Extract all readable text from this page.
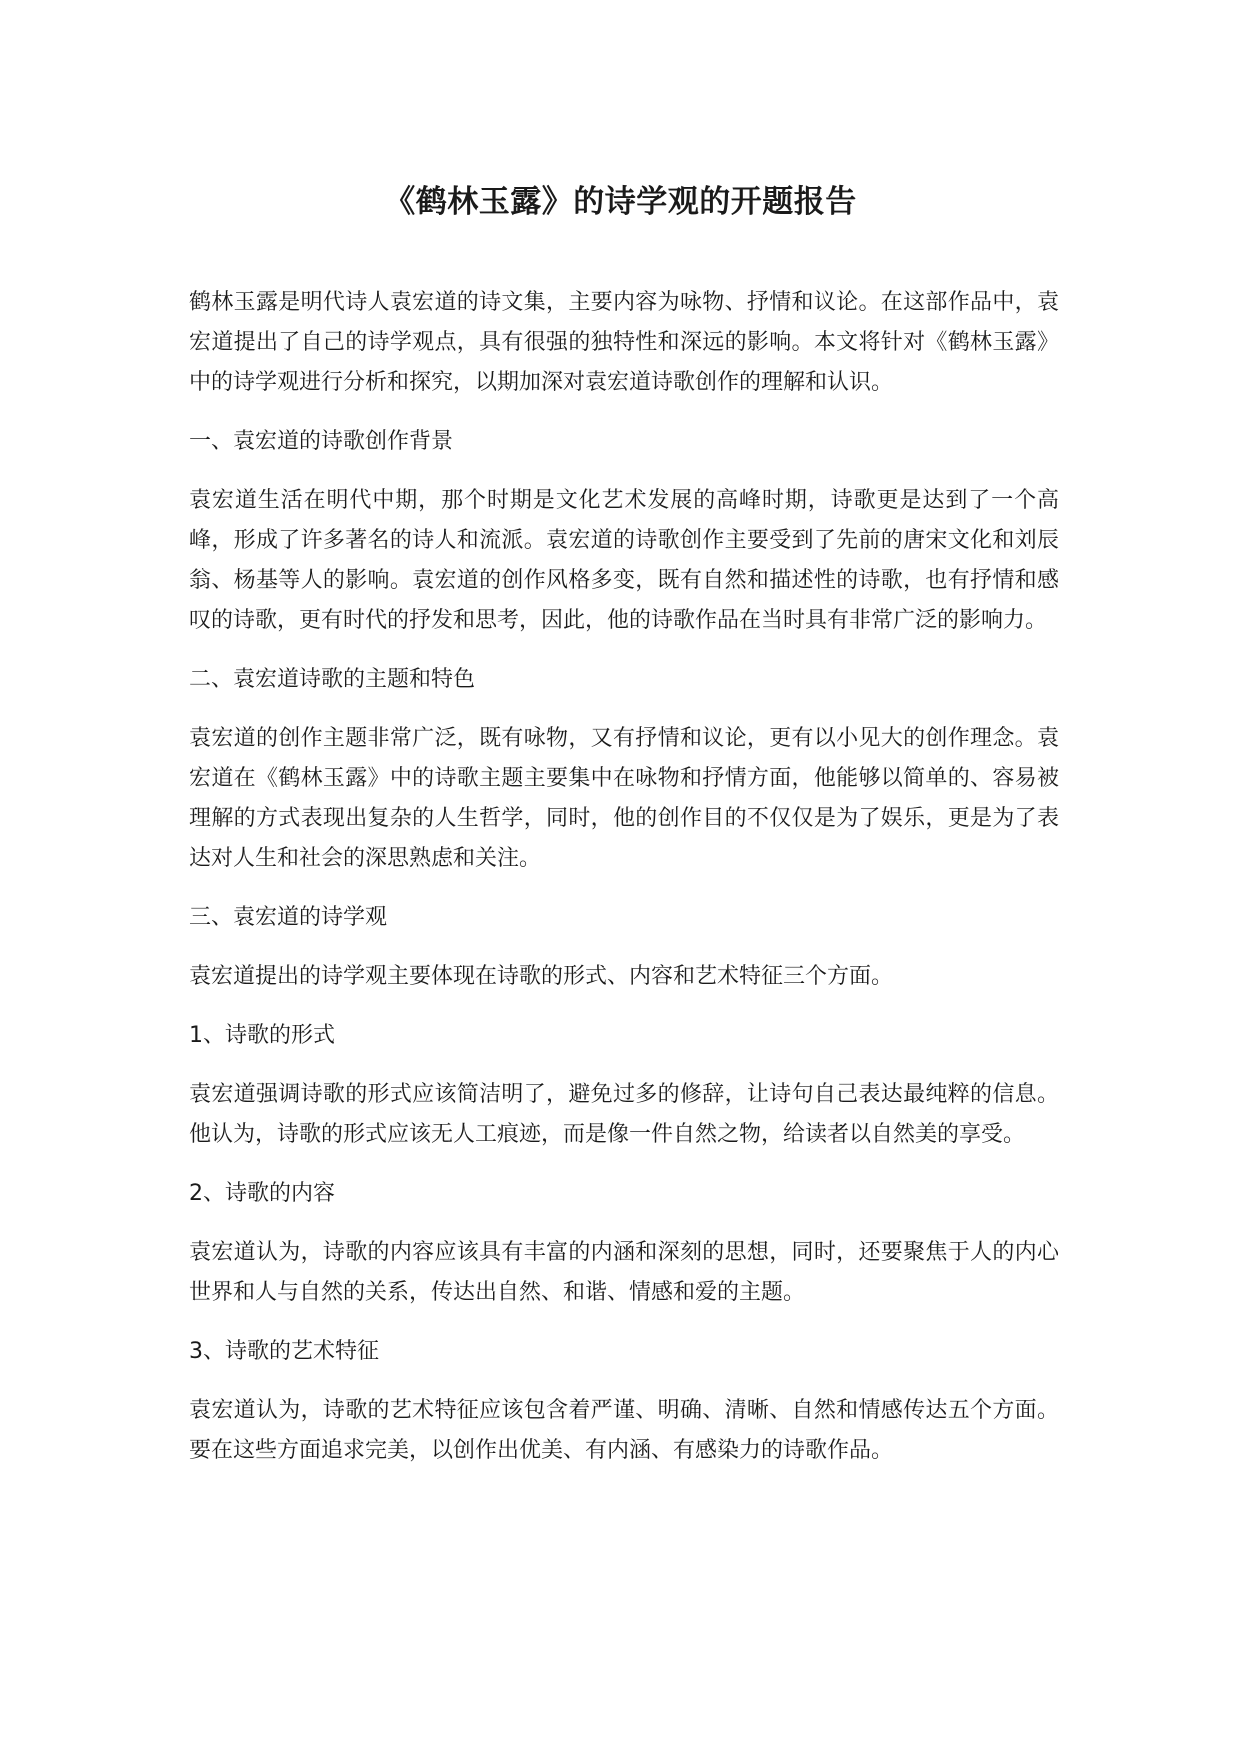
《鹤林玉露》的诗学观的开题报告

鹤林玉露是明代诗人袁宏道的诗文集，主要内容为咏物、抒情和议论。在这部作品中，袁宏道提出了自己的诗学观点，具有很强的独特性和深远的影响。本文将针对《鹤林玉露》中的诗学观进行分析和探究，以期加深对袁宏道诗歌创作的理解和认识。

一、袁宏道的诗歌创作背景

袁宏道生活在明代中期，那个时期是文化艺术发展的高峰时期，诗歌更是达到了一个高峰，形成了许多著名的诗人和流派。袁宏道的诗歌创作主要受到了先前的唐宋文化和刘辰翁、杨基等人的影响。袁宏道的创作风格多变，既有自然和描述性的诗歌，也有抒情和感叹的诗歌，更有时代的抒发和思考，因此，他的诗歌作品在当时具有非常广泛的影响力。

二、袁宏道诗歌的主题和特色

袁宏道的创作主题非常广泛，既有咏物，又有抒情和议论，更有以小见大的创作理念。袁宏道在《鹤林玉露》中的诗歌主题主要集中在咏物和抒情方面，他能够以简单的、容易被理解的方式表现出复杂的人生哲学，同时，他的创作目的不仅仅是为了娱乐，更是为了表达对人生和社会的深思熟虑和关注。

三、袁宏道的诗学观

袁宏道提出的诗学观主要体现在诗歌的形式、内容和艺术特征三个方面。

1、诗歌的形式

袁宏道强调诗歌的形式应该简洁明了，避免过多的修辞，让诗句自己表达最纯粹的信息。他认为，诗歌的形式应该无人工痕迹，而是像一件自然之物，给读者以自然美的享受。

2、诗歌的内容

袁宏道认为，诗歌的内容应该具有丰富的内涵和深刻的思想，同时，还要聚焦于人的内心世界和人与自然的关系，传达出自然、和谐、情感和爱的主题。

3、诗歌的艺术特征

袁宏道认为，诗歌的艺术特征应该包含着严谨、明确、清晰、自然和情感传达五个方面。要在这些方面追求完美，以创作出优美、有内涵、有感染力的诗歌作品。
